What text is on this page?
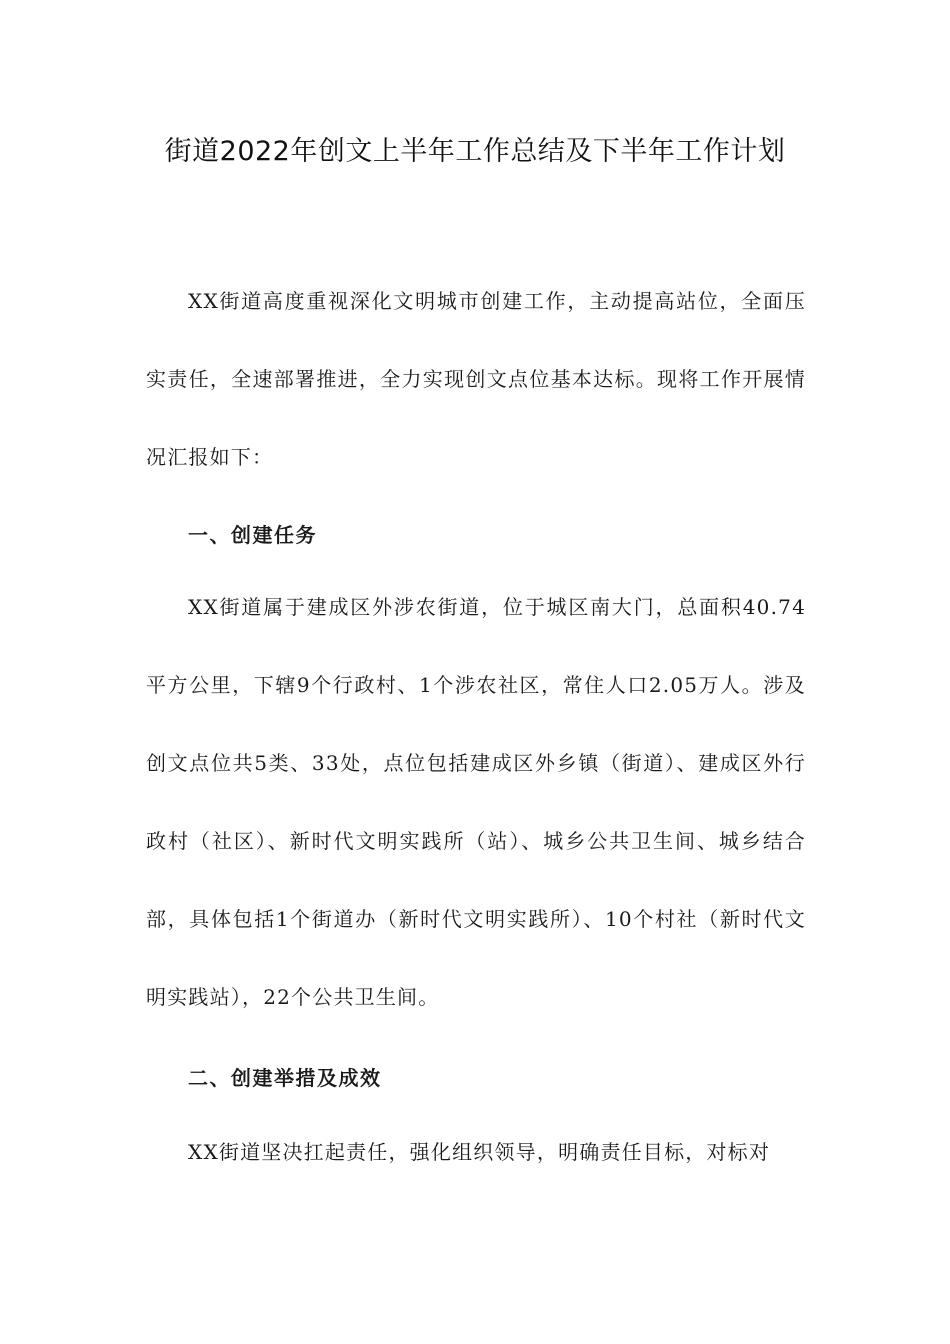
街道2022年创文上半年工作总结及下半年工作计划

XX街道高度重视深化文明城市创建工作，主动提高站位，全面压实责任，全速部署推进，全力实现创文点位基本达标。现将工作开展情况汇报如下：

一、创建任务

XX街道属于建成区外涉农街道，位于城区南大门，总面积40.74平方公里，下辖9个行政村、1个涉农社区，常住人口2.05万人。涉及创文点位共5类、33处，点位包括建成区外乡镇（街道）、建成区外行政村（社区）、新时代文明实践所（站）、城乡公共卫生间、城乡结合部，具体包括1个街道办（新时代文明实践所）、10个村社（新时代文明实践站），22个公共卫生间。

二、创建举措及成效

XX街道坚决扛起责任，强化组织领导，明确责任目标，对标对
